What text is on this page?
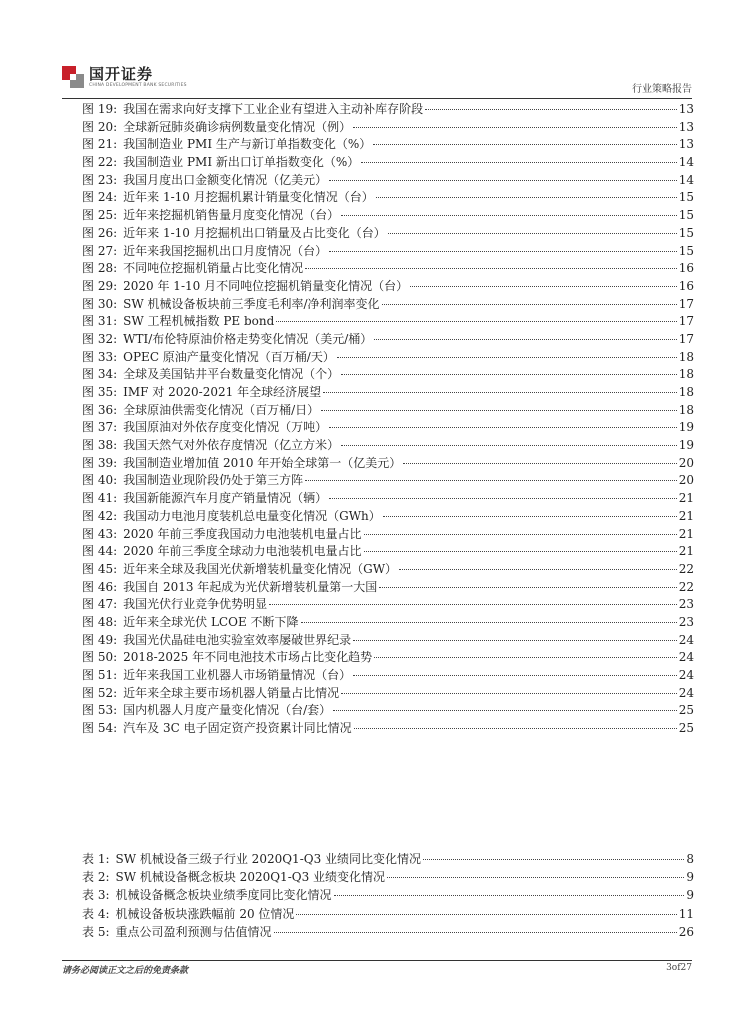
国开证券
CHINA DEVELOPMENT BANK SECURITIES	行业策略报告
图 19: 我国在需求向好支撑下工业企业有望进入主动补库存阶段	13
图 20: 全球新冠肺炎确诊病例数量变化情况（例）	13
图 21: 我国制造业 PMI 生产与新订单指数变化（%）	13
图 22: 我国制造业 PMI 新出口订单指数变化（%）	14
图 23: 我国月度出口金额变化情况（亿美元）	14
图 24: 近年来 1-10 月挖掘机累计销量变化情况（台）	15
图 25: 近年来挖掘机销售量月度变化情况（台）	15
图 26: 近年来 1-10 月挖掘机出口销量及占比变化（台）	15
图 27: 近年来我国挖掘机出口月度情况（台）	15
图 28: 不同吨位挖掘机销量占比变化情况	16
图 29: 2020 年 1-10 月不同吨位挖掘机销量变化情况（台）	16
图 30: SW 机械设备板块前三季度毛利率/净利润率变化	17
图 31: SW 工程机械指数 PE bond	17
图 32: WTI/布伦特原油价格走势变化情况（美元/桶）	17
图 33: OPEC 原油产量变化情况（百万桶/天）	18
图 34: 全球及美国钻井平台数量变化情况（个）	18
图 35: IMF 对 2020-2021 年全球经济展望	18
图 36: 全球原油供需变化情况（百万桶/日）	18
图 37: 我国原油对外依存度变化情况（万吨）	19
图 38: 我国天然气对外依存度情况（亿立方米）	19
图 39: 我国制造业增加值 2010 年开始全球第一（亿美元）	20
图 40: 我国制造业现阶段仍处于第三方阵	20
图 41: 我国新能源汽车月度产销量情况（辆）	21
图 42: 我国动力电池月度装机总电量变化情况（GWh）	21
图 43: 2020 年前三季度我国动力电池装机电量占比	21
图 44: 2020 年前三季度全球动力电池装机电量占比	21
图 45: 近年来全球及我国光伏新增装机量变化情况（GW）	22
图 46: 我国自 2013 年起成为光伏新增装机量第一大国	22
图 47: 我国光伏行业竞争优势明显	23
图 48: 近年来全球光伏 LCOE 不断下降	23
图 49: 我国光伏晶硅电池实验室效率屡破世界纪录	24
图 50: 2018-2025 年不同电池技术市场占比变化趋势	24
图 51: 近年来我国工业机器人市场销量情况（台）	24
图 52: 近年来全球主要市场机器人销量占比情况	24
图 53: 国内机器人月度产量变化情况（台/套）	25
图 54: 汽车及 3C 电子固定资产投资累计同比情况	25
表 1: SW 机械设备三级子行业 2020Q1-Q3 业绩同比变化情况	8
表 2: SW 机械设备概念板块 2020Q1-Q3 业绩变化情况	9
表 3: 机械设备概念板块业绩季度同比变化情况	9
表 4: 机械设备板块涨跌幅前 20 位情况	11
表 5: 重点公司盈利预测与估值情况	26
请务必阅读正文之后的免责条款	3of27
